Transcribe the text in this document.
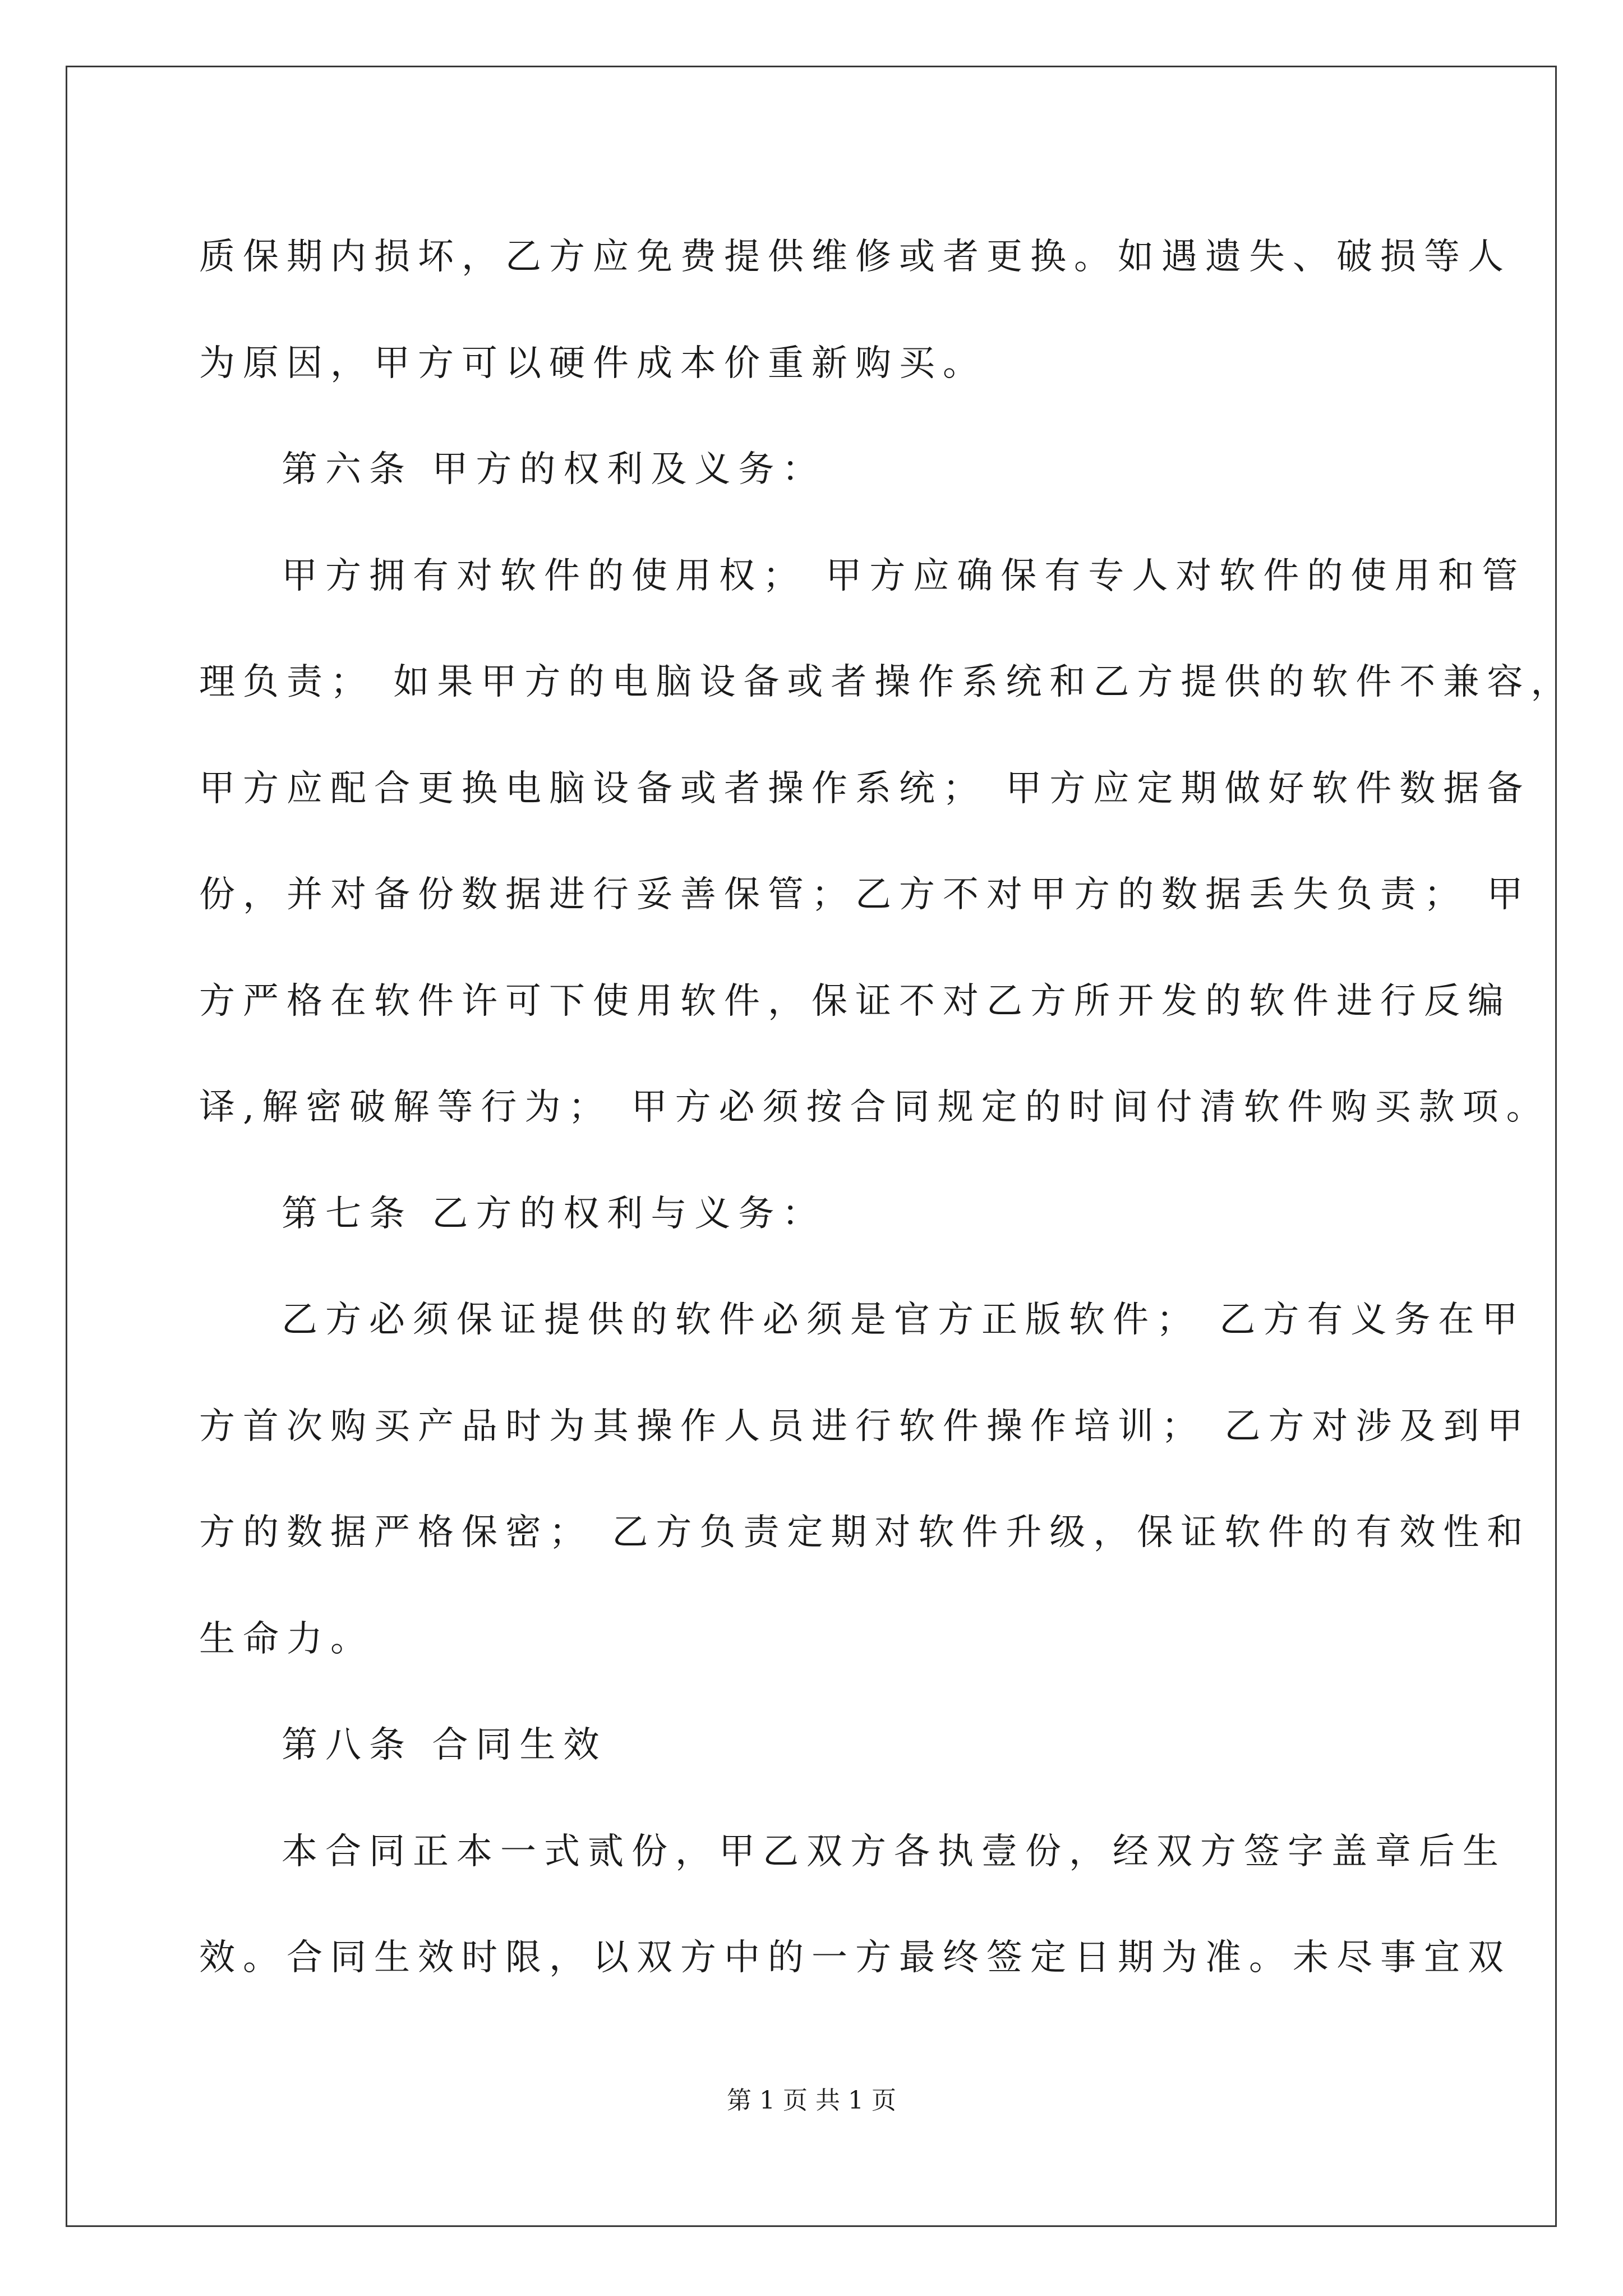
质保期内损坏，乙方应免费提供维修或者更换。如遇遗失、破损等人
为原因，甲方可以硬件成本价重新购买。
第六条 甲方的权利及义务：
甲方拥有对软件的使用权； 甲方应确保有专人对软件的使用和管
理负责； 如果甲方的电脑设备或者操作系统和乙方提供的软件不兼容，
甲方应配合更换电脑设备或者操作系统； 甲方应定期做好软件数据备
份，并对备份数据进行妥善保管；乙方不对甲方的数据丢失负责； 甲
方严格在软件许可下使用软件，保证不对乙方所开发的软件进行反编
译,解密破解等行为； 甲方必须按合同规定的时间付清软件购买款项。
第七条 乙方的权利与义务：
乙方必须保证提供的软件必须是官方正版软件； 乙方有义务在甲
方首次购买产品时为其操作人员进行软件操作培训； 乙方对涉及到甲
方的数据严格保密； 乙方负责定期对软件升级，保证软件的有效性和
生命力。
第八条 合同生效
本合同正本一式贰份，甲乙双方各执壹份，经双方签字盖章后生
效。合同生效时限，以双方中的一方最终签定日期为准。未尽事宜双
第 1 页 共 1 页
